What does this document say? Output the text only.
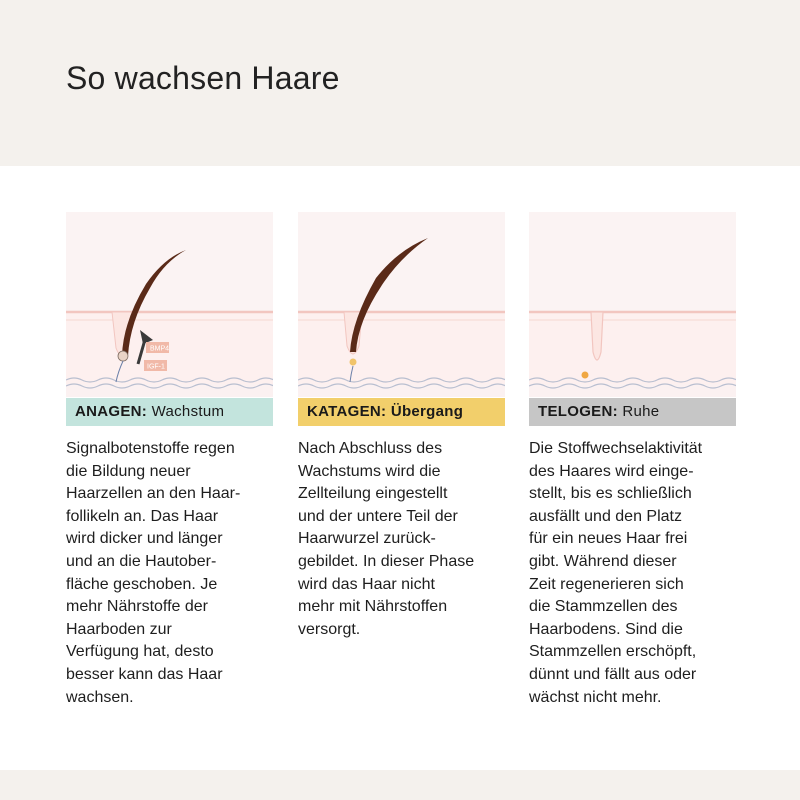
So wachsen Haare
BMP4
IGF-1
ANAGEN: Wachstum
Signalbotenstoffe regen
die Bildung neuer
Haarzellen an den Haar-
follikeln an. Das Haar
wird dicker und länger
und an die Hautober-
fläche geschoben. Je
mehr Nährstoffe der
Haarboden zur
Verfügung hat, desto
besser kann das Haar
wachsen.
KATAGEN: Übergang
Nach Abschluss des
Wachstums wird die
Zellteilung eingestellt
und der untere Teil der
Haarwurzel zurück-
gebildet. In dieser Phase
wird das Haar nicht
mehr mit Nährstoffen
versorgt.
TELOGEN: Ruhe
Die Stoffwechselaktivität
des Haares wird einge-
stellt, bis es schließlich
ausfällt und den Platz
für ein neues Haar frei
gibt. Während dieser
Zeit regenerieren sich
die Stammzellen des
Haarbodens. Sind die
Stammzellen erschöpft,
dünnt und fällt aus oder
wächst nicht mehr.
